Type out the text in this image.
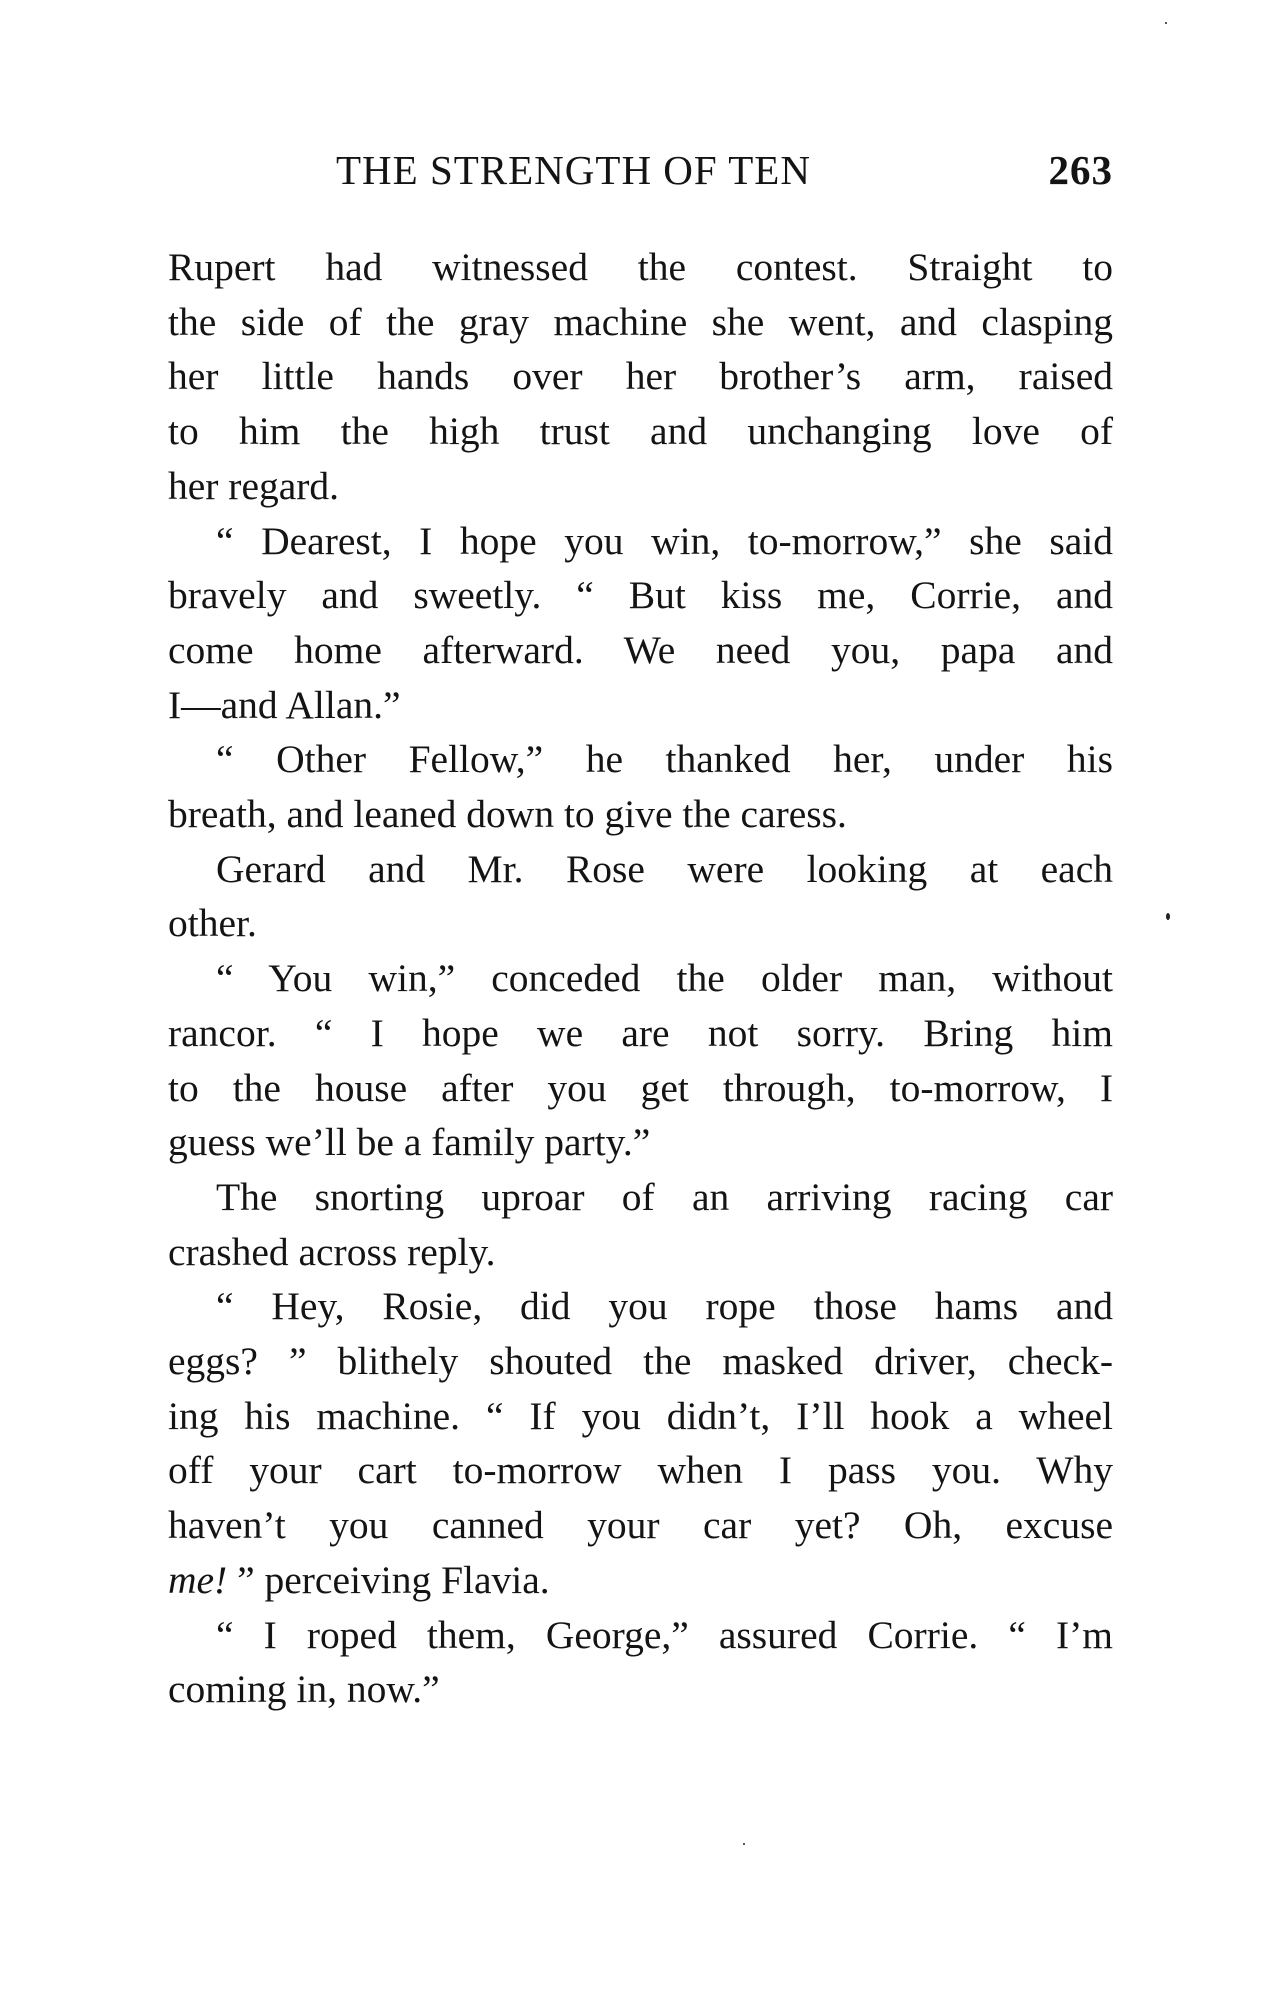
263
THE STRENGTH OF TEN

Rupert had witnessed the contest. Straight to
the side of the gray machine she went, and clasping
her little hands over her brother’s arm, raised
to him the high trust and unchanging love of
her regard.

“ Dearest, I hope you win, to-morrow,” she said
bravely and sweetly. “ But kiss me, Corrie, and
come home afterward. We need you, papa and
I—and Allan.”

“ Other Fellow,” he thanked her, under his
breath, and leaned down to give the caress.

Gerard and Mr. Rose were looking at each
other.

“ You win,” conceded the older man, without
rancor. “ I hope we are not sorry. Bring him
to the house after you get through, to-morrow, I
guess we’ll be a family party.”

The snorting uproar of an arriving racing car
crashed across reply.

“ Hey, Rosie, did you rope those hams and
eggs? ” blithely shouted the masked driver, check-
ing his machine. “ If you didn’t, I’ll hook a wheel
off your cart to-morrow when I pass you. Why
haven’t you canned your car yet? Oh, excuse
me! ” perceiving Flavia.

“ I roped them, George,” assured Corrie. “ I’m
coming in, now.”
